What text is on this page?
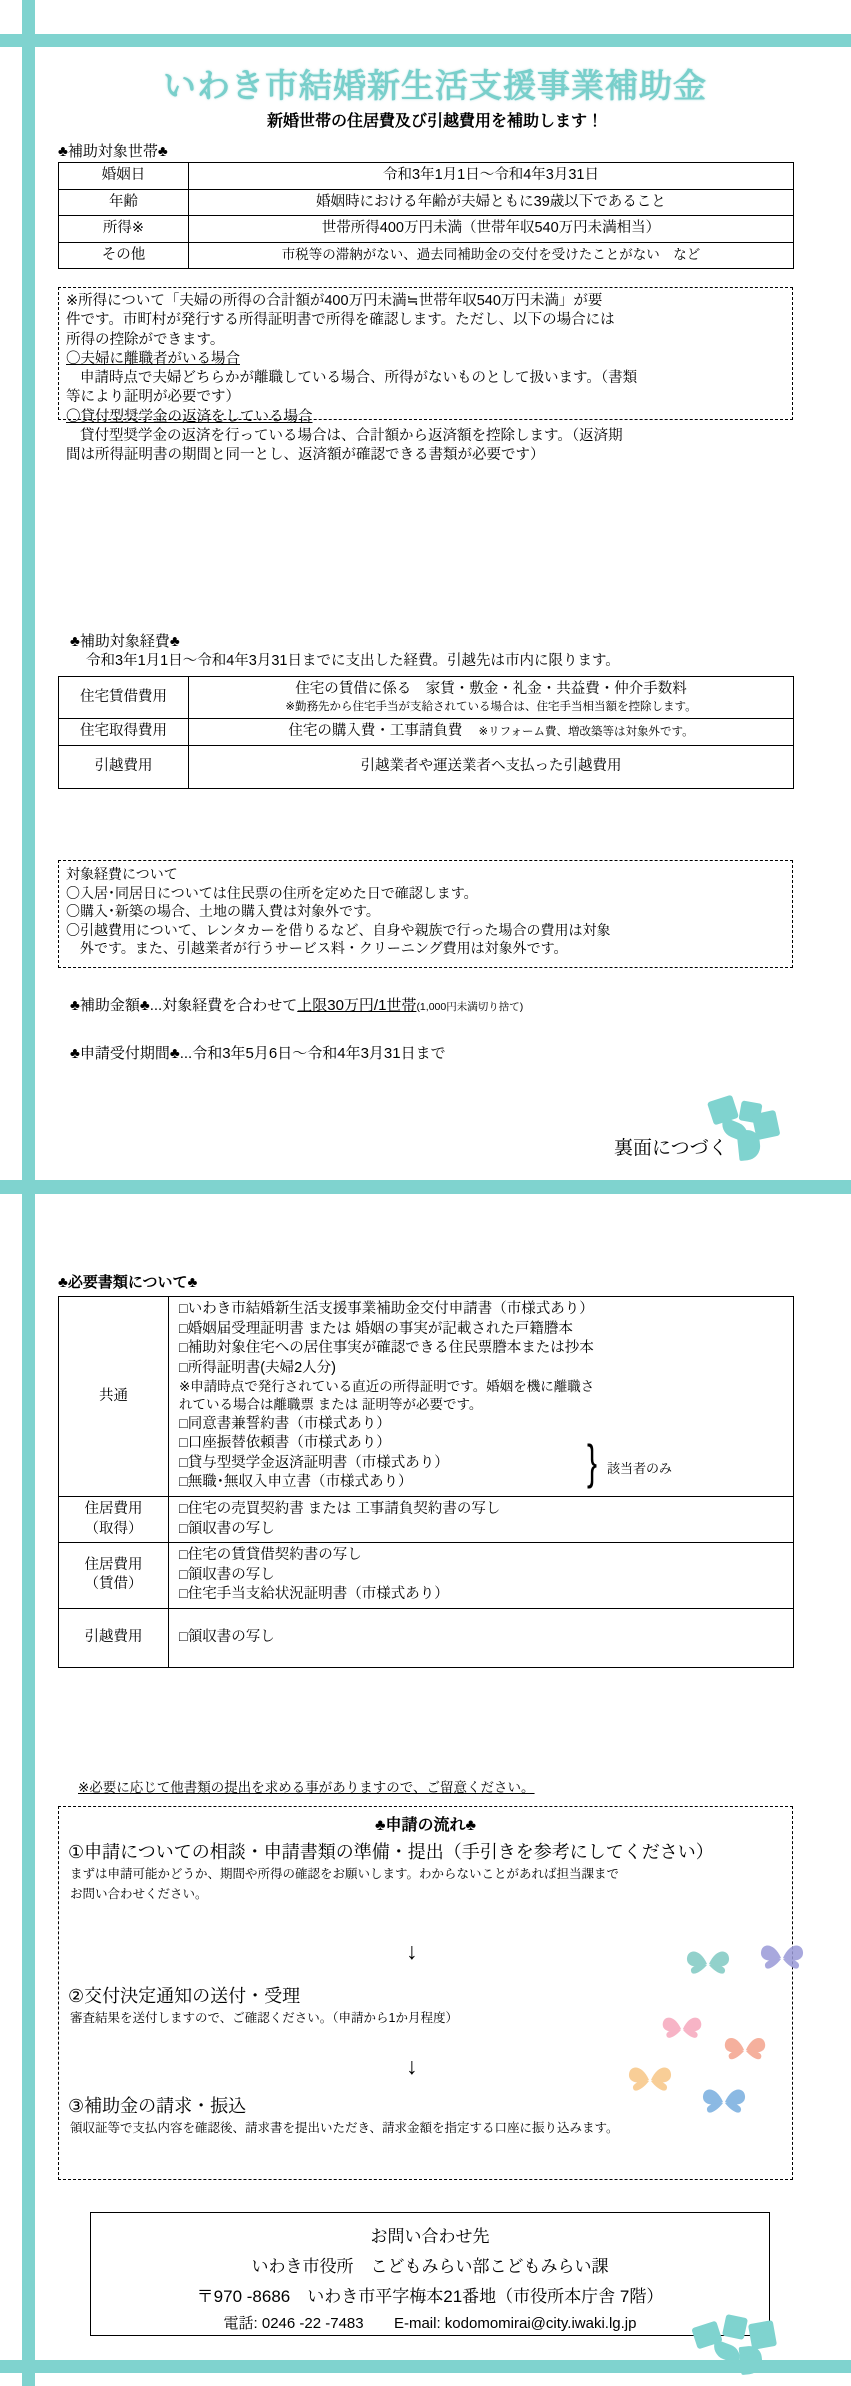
いわき市結婚新生活支援事業補助金
新婚世帯の住居費及び引越費用を補助します！
♣補助対象世帯♣
婚姻日	令和3年1月1日～令和4年3月31日
年齢	婚姻時における年齢が夫婦ともに39歳以下であること
所得※	世帯所得400万円未満（世帯年収540万円未満相当）
その他	市税等の滞納がない、過去同補助金の交付を受けたことがない　など
※所得について「夫婦の所得の合計額が400万円未満≒世帯年収540万円未満」が要
件です。市町村が発行する所得証明書で所得を確認します。ただし、以下の場合には
所得の控除ができます。
〇夫婦に離職者がいる場合
申請時点で夫婦どちらかが離職している場合、所得がないものとして扱います。（書類
等により証明が必要です）
〇貸付型奨学金の返済をしている場合
貸付型奨学金の返済を行っている場合は、合計額から返済額を控除します。（返済期
間は所得証明書の期間と同一とし、返済額が確認できる書類が必要です）
♣補助対象経費♣
令和3年1月1日～令和4年3月31日までに支出した経費。引越先は市内に限ります。
住宅賃借費用	住宅の賃借に係る　家賃・敷金・礼金・共益費・仲介手数料
※勤務先から住宅手当が支給されている場合は、住宅手当相当額を控除します。

住宅取得費用	住宅の購入費・工事請負費 ※リフォーム費、増改築等は対象外です。
引越費用	引越業者や運送業者へ支払った引越費用
対象経費について
〇入居･同居日については住民票の住所を定めた日で確認します。
〇購入･新築の場合、土地の購入費は対象外です。
〇引越費用について、レンタカーを借りるなど、自身や親族で行った場合の費用は対象
外です。また、引越業者が行うサービス料・クリーニング費用は対象外です。
♣補助金額♣...対象経費を合わせて上限30万円/1世帯(1,000円未満切り捨て)
♣申請受付期間♣...令和3年5月6日～令和4年3月31日まで
裏面につづく
♣必要書類について♣
共通	
□いわき市結婚新生活支援事業補助金交付申請書（市様式あり）
□婚姻届受理証明書 または 婚姻の事実が記載された戸籍謄本
□補助対象住宅への居住事実が確認できる住民票謄本または抄本
□所得証明書(夫婦2人分)
※申請時点で発行されている直近の所得証明です。婚姻を機に離職さ
れている場合は離職票 または 証明等が必要です。
□同意書兼誓約書（市様式あり）
□口座振替依頼書（市様式あり）
□貸与型奨学金返済証明書（市様式あり）
□無職･無収入申立書（市様式あり）	} 該当者のみ

住居費用
（取得）

□住宅の売買契約書 または 工事請負契約書の写し
□領収書の写し

住居費用
（賃借）

□住宅の賃貸借契約書の写し
□領収書の写し
□住宅手当支給状況証明書（市様式あり）

引越費用	□領収書の写し
※必要に応じて他書類の提出を求める事がありますので、ご留意ください。
♣申請の流れ♣
①申請についての相談・申請書類の準備・提出（手引きを参考にしてください）
まずは申請可能かどうか、期間や所得の確認をお願いします。わからないことがあれば担当課まで
お問い合わせください。
↓
②交付決定通知の送付・受理
審査結果を送付しますので、ご確認ください。（申請から1か月程度）
↓
③補助金の請求・振込
領収証等で支払内容を確認後、請求書を提出いただき、請求金額を指定する口座に振り込みます。
お問い合わせ先
いわき市役所　こどもみらい部こどもみらい課
〒970 -8686　いわき市平字梅本21番地（市役所本庁舎 7階）
電話: 0246 -22 -7483 E-mail: kodomomirai@city.iwaki.lg.jp
